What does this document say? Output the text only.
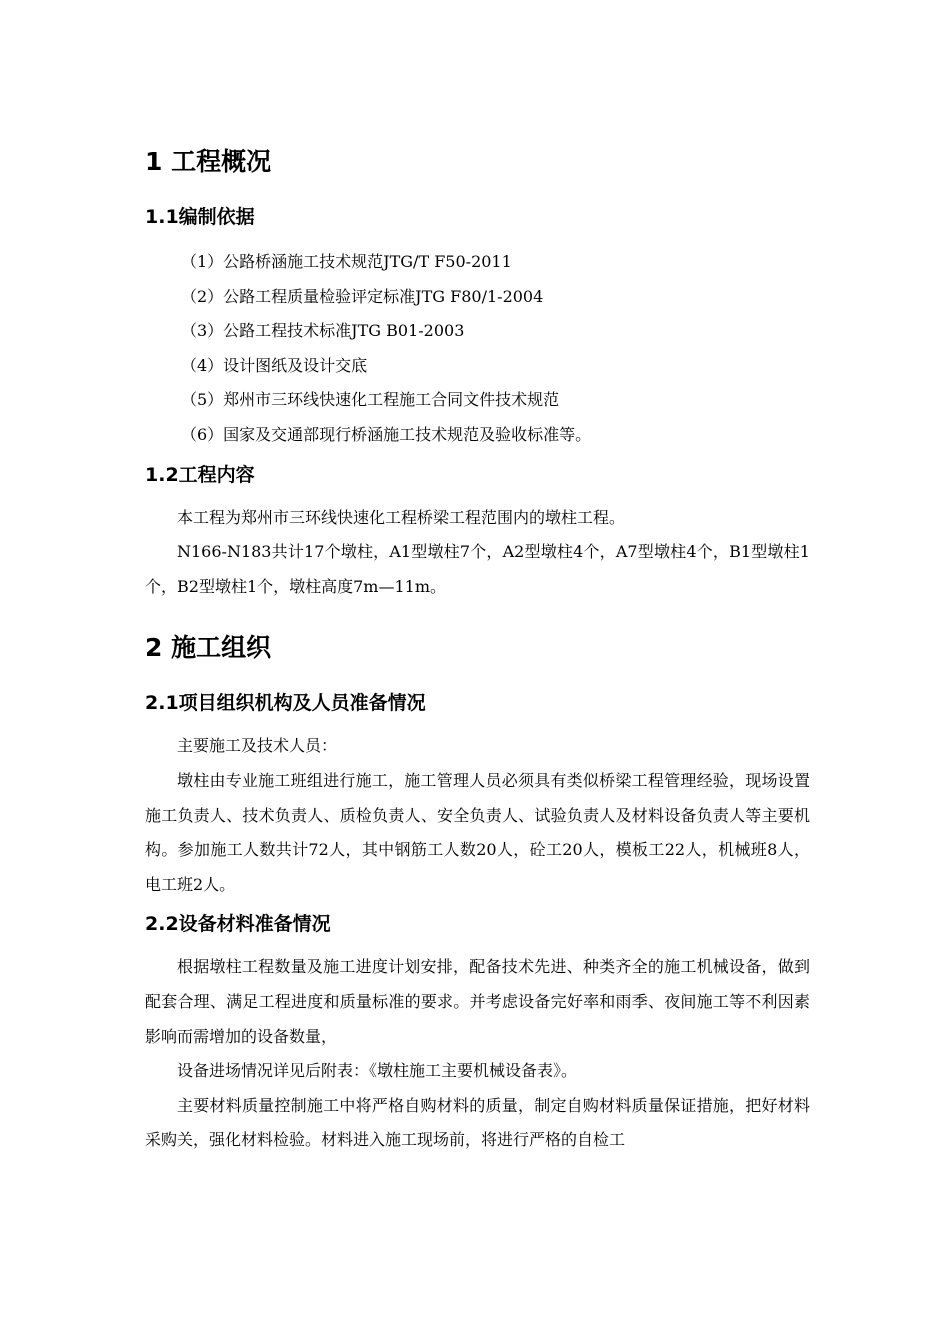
1 工程概况
1.1编制依据
（1）公路桥涵施工技术规范JTG/T F50-2011
（2）公路工程质量检验评定标准JTG F80/1-2004
（3）公路工程技术标准JTG B01-2003
（4）设计图纸及设计交底
（5）郑州市三环线快速化工程施工合同文件技术规范
（6）国家及交通部现行桥涵施工技术规范及验收标准等。
1.2工程内容

本工程为郑州市三环线快速化工程桥梁工程范围内的墩柱工程。

N166-N183共计17个墩柱，A1型墩柱7个，A2型墩柱4个，A7型墩柱4个，B1型墩柱1个，B2型墩柱1个，墩柱高度7m—11m。

2 施工组织
2.1项目组织机构及人员准备情况

主要施工及技术人员：

墩柱由专业施工班组进行施工，施工管理人员必须具有类似桥梁工程管理经验，现场设置施工负责人、技术负责人、质检负责人、安全负责人、试验负责人及材料设备负责人等主要机构。参加施工人数共计72人，其中钢筋工人数20人，砼工20人，模板工22人，机械班8人，电工班2人。

2.2设备材料准备情况

根据墩柱工程数量及施工进度计划安排，配备技术先进、种类齐全的施工机械设备，做到配套合理、满足工程进度和质量标准的要求。并考虑设备完好率和雨季、夜间施工等不利因素影响而需增加的设备数量，

设备进场情况详见后附表：《墩柱施工主要机械设备表》。

主要材料质量控制施工中将严格自购材料的质量，制定自购材料质量保证措施，把好材料采购关，强化材料检验。材料进入施工现场前，将进行严格的自检工
